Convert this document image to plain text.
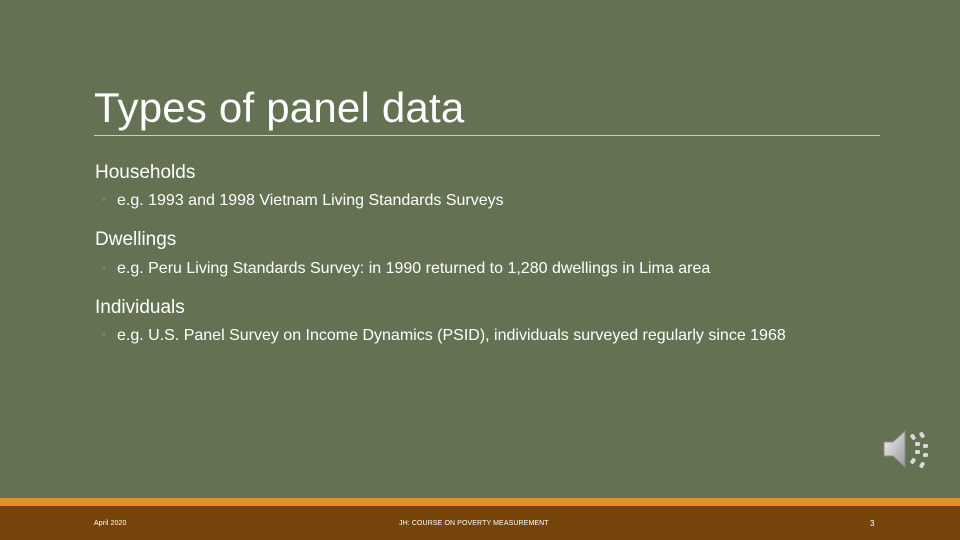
Types of panel data
Households
◦ e.g. 1993 and 1998 Vietnam Living Standards Surveys
Dwellings
◦ e.g. Peru Living Standards Survey: in 1990 returned to 1,280 dwellings in Lima area
Individuals
◦ e.g. U.S. Panel Survey on Income Dynamics (PSID), individuals surveyed regularly since 1968
April 2020	JH: COURSE ON POVERTY MEASUREMENT	3
